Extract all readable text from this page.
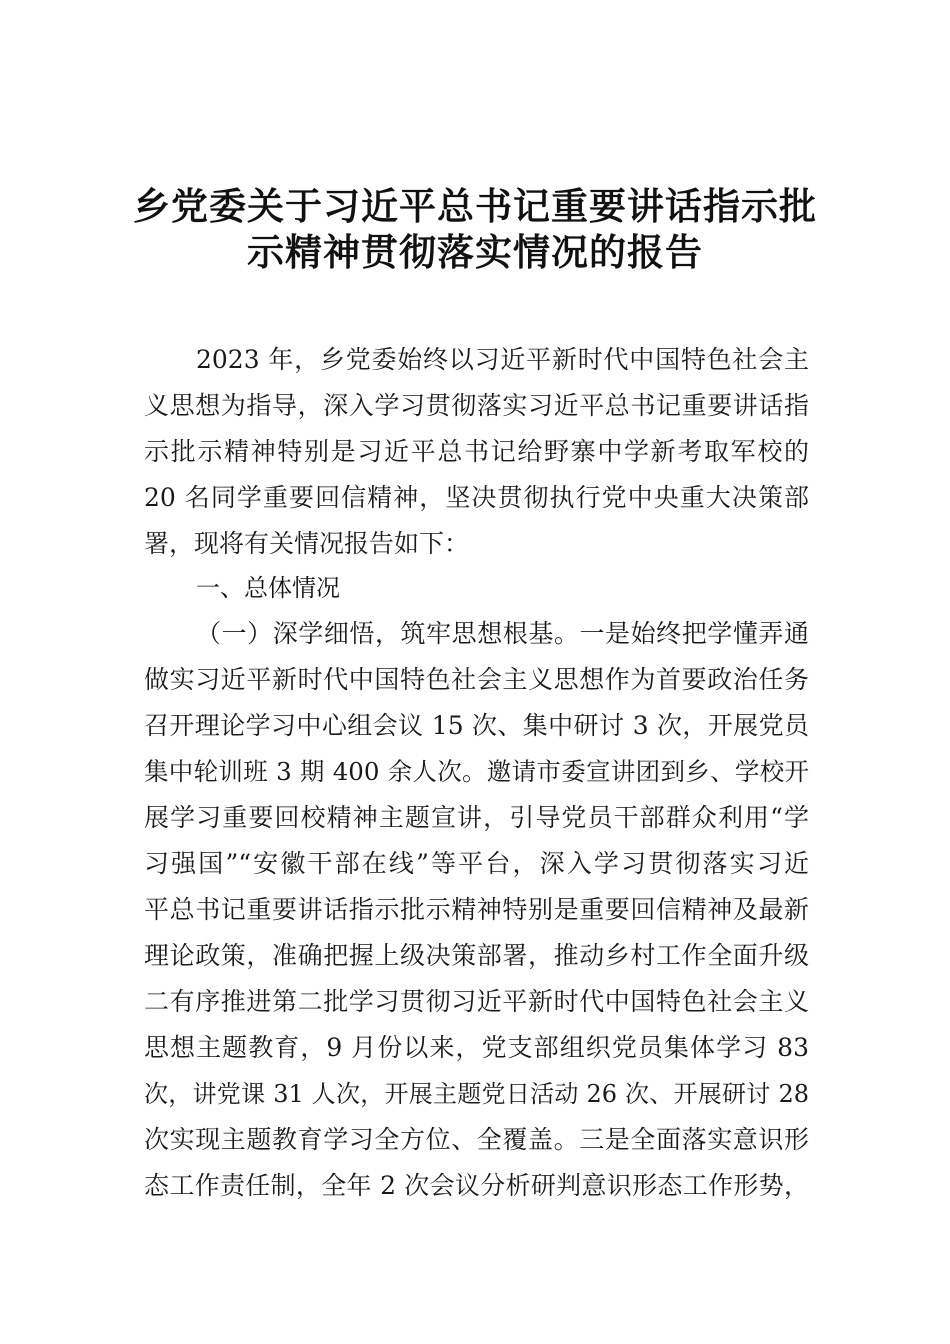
乡党委关于习近平总书记重要讲话指示批
示精神贯彻落实情况的报告
2023 年，乡党委始终以习近平新时代中国特色社会主
义思想为指导，深入学习贯彻落实习近平总书记重要讲话指
示批示精神特别是习近平总书记给野寨中学新考取军校的
20 名同学重要回信精神，坚决贯彻执行党中央重大决策部
署，现将有关情况报告如下：
一、总体情况
（一）深学细悟，筑牢思想根基。一是始终把学懂弄通
做实习近平新时代中国特色社会主义思想作为首要政治任务
召开理论学习中心组会议 15 次、集中研讨 3 次，开展党员
集中轮训班 3 期 400 余人次。邀请市委宣讲团到乡、学校开
展学习重要回校精神主题宣讲，引导党员干部群众利用“学
习强国”“安徽干部在线”等平台，深入学习贯彻落实习近
平总书记重要讲话指示批示精神特别是重要回信精神及最新
理论政策，准确把握上级决策部署，推动乡村工作全面升级
二有序推进第二批学习贯彻习近平新时代中国特色社会主义
思想主题教育，9 月份以来，党支部组织党员集体学习 83
次，讲党课 31 人次，开展主题党日活动 26 次、开展研讨 28
次实现主题教育学习全方位、全覆盖。三是全面落实意识形
态工作责任制，全年 2 次会议分析研判意识形态工作形势，
